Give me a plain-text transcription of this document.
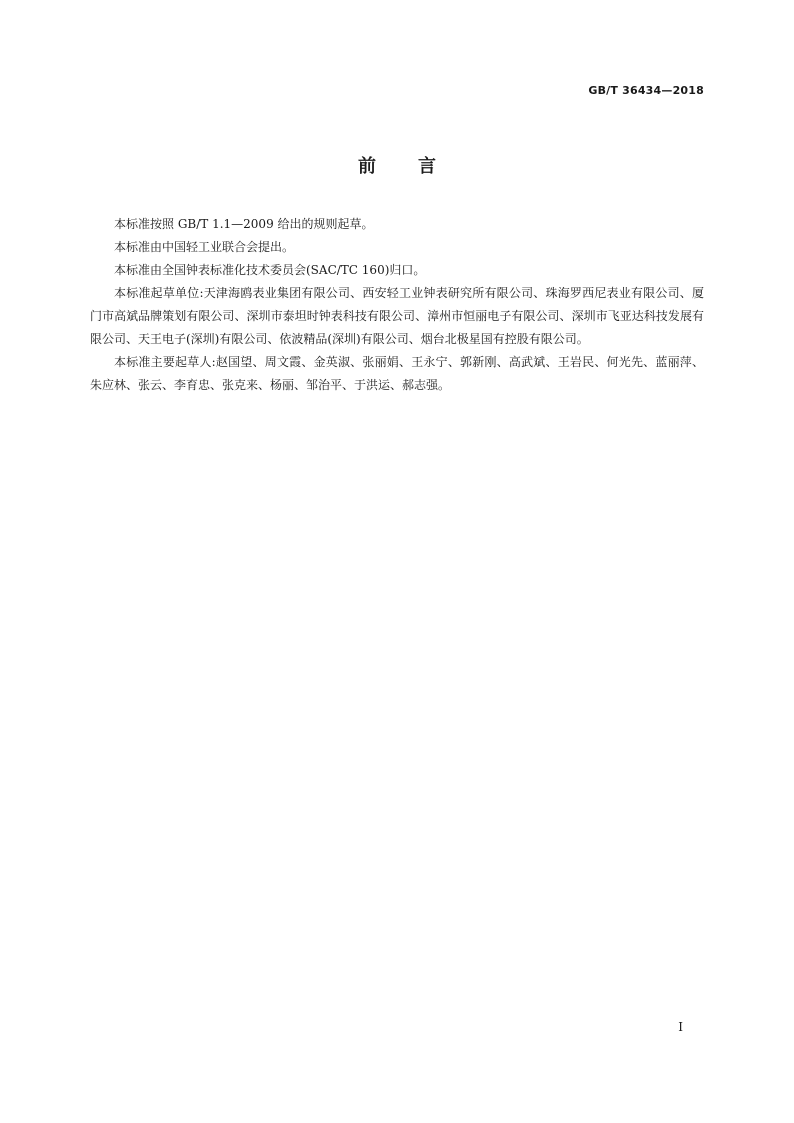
GB/T 36434—2018
前言

本标准按照 GB/T 1.1—2009 给出的规则起草。

本标准由中国轻工业联合会提出。

本标准由全国钟表标准化技术委员会(SAC/TC 160)归口。

本标准起草单位:天津海鸥表业集团有限公司、西安轻工业钟表研究所有限公司、珠海罗西尼表业有限公司、厦门市高斌品牌策划有限公司、深圳市泰坦时钟表科技有限公司、漳州市恒丽电子有限公司、深圳市飞亚达科技发展有限公司、天王电子(深圳)有限公司、依波精品(深圳)有限公司、烟台北极星国有控股有限公司。

本标准主要起草人:赵国望、周文霞、金英淑、张丽娟、王永宁、郭新刚、高武斌、王岩民、何光先、蓝丽萍、朱应林、张云、李育忠、张克来、杨丽、邹治平、于洪运、郝志强。

I
